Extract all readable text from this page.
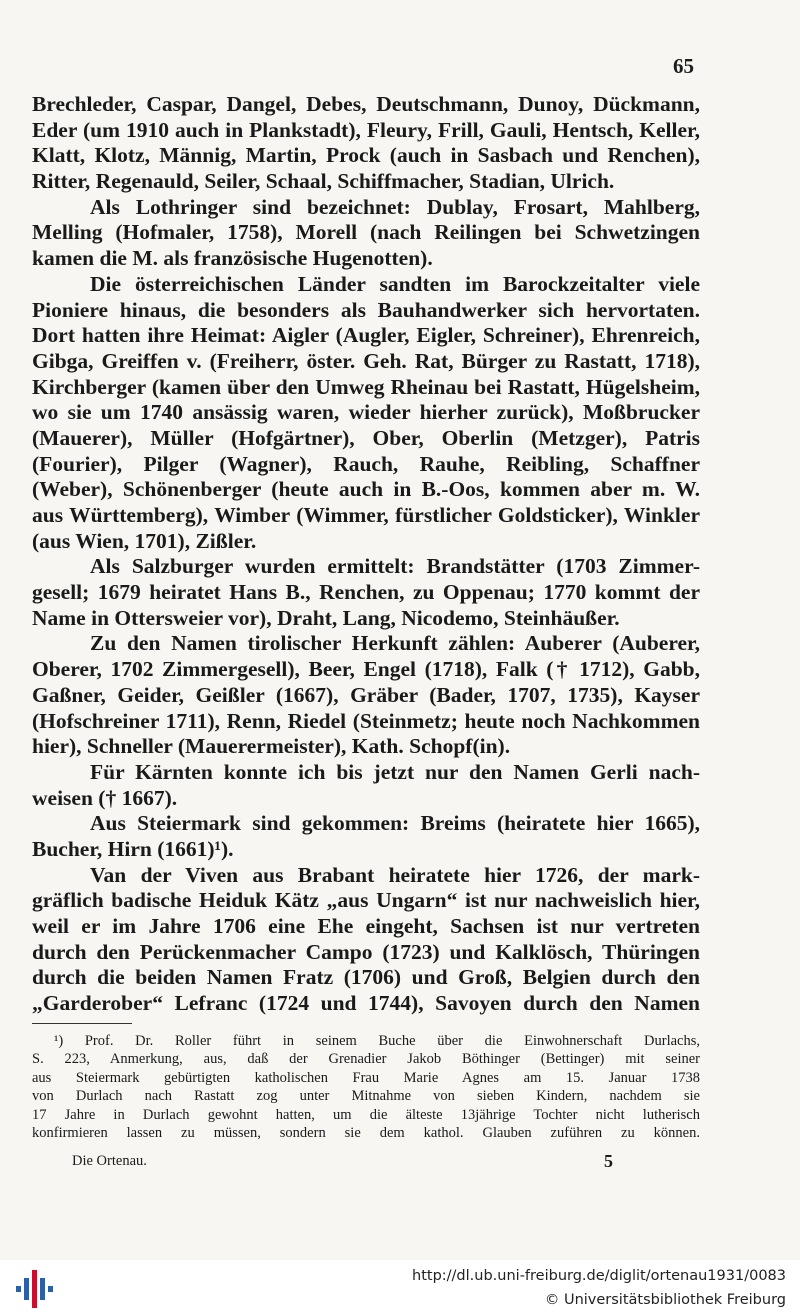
65
Brechleder, Caspar, Dangel, Debes, Deutschmann, Dunoy, Dückmann,
Eder (um 1910 auch in Plankstadt), Fleury, Frill, Gauli, Hentsch, Keller,
Klatt, Klotz, Männig, Martin, Prock (auch in Sasbach und Renchen),
Ritter, Regenauld, Seiler, Schaal, Schiffmacher, Stadian, Ulrich.
Als Lothringer sind bezeichnet: Dublay, Frosart, Mahlberg,
Melling (Hofmaler, 1758), Morell (nach Reilingen bei Schwetzingen
kamen die M. als französische Hugenotten).
Die österreichischen Länder sandten im Barockzeitalter viele
Pioniere hinaus, die besonders als Bauhandwerker sich hervortaten.
Dort hatten ihre Heimat: Aigler (Augler, Eigler, Schreiner), Ehrenreich,
Gibga, Greiffen v. (Freiherr, öster. Geh. Rat, Bürger zu Rastatt, 1718),
Kirchberger (kamen über den Umweg Rheinau bei Rastatt, Hügelsheim,
wo sie um 1740 ansässig waren, wieder hierher zurück), Moßbrucker
(Mauerer), Müller (Hofgärtner), Ober, Oberlin (Metzger), Patris
(Fourier), Pilger (Wagner), Rauch, Rauhe, Reibling, Schaffner
(Weber), Schönenberger (heute auch in B.-Oos, kommen aber m. W.
aus Württemberg), Wimber (Wimmer, fürstlicher Goldsticker), Winkler
(aus Wien, 1701), Zißler.
Als Salzburger wurden ermittelt: Brandstätter (1703 Zimmer-
gesell; 1679 heiratet Hans B., Renchen, zu Oppenau; 1770 kommt der
Name in Ottersweier vor), Draht, Lang, Nicodemo, Steinhäußer.
Zu den Namen tirolischer Herkunft zählen: Auberer (Auberer,
Oberer, 1702 Zimmergesell), Beer, Engel (1718), Falk († 1712), Gabb,
Gaßner, Geider, Geißler (1667), Gräber (Bader, 1707, 1735), Kayser
(Hofschreiner 1711), Renn, Riedel (Steinmetz; heute noch Nachkommen
hier), Schneller (Mauerermeister), Kath. Schopf(in).
Für Kärnten konnte ich bis jetzt nur den Namen Gerli nach-
weisen († 1667).
Aus Steiermark sind gekommen: Breims (heiratete hier 1665),
Bucher, Hirn (1661)¹).
Van der Viven aus Brabant heiratete hier 1726, der mark-
gräflich badische Heiduk Kätz „aus Ungarn“ ist nur nachweislich hier,
weil er im Jahre 1706 eine Ehe eingeht, Sachsen ist nur vertreten
durch den Perückenmacher Campo (1723) und Kalklösch, Thüringen
durch die beiden Namen Fratz (1706) und Groß, Belgien durch den
„Garderober“ Lefranc (1724 und 1744), Savoyen durch den Namen
¹) Prof. Dr. Roller führt in seinem Buche über die Einwohnerschaft Durlachs,
S. 223, Anmerkung, aus, daß der Grenadier Jakob Böthinger (Bettinger) mit seiner
aus Steiermark gebürtigten katholischen Frau Marie Agnes am 15. Januar 1738
von Durlach nach Rastatt zog unter Mitnahme von sieben Kindern, nachdem sie
17 Jahre in Durlach gewohnt hatten, um die älteste 13jährige Tochter nicht lutherisch
konfirmieren lassen zu müssen, sondern sie dem kathol. Glauben zuführen zu können.
Die Ortenau.	5
http://dl.ub.uni-freiburg.de/diglit/ortenau1931/0083
© Universitätsbibliothek Freiburg
